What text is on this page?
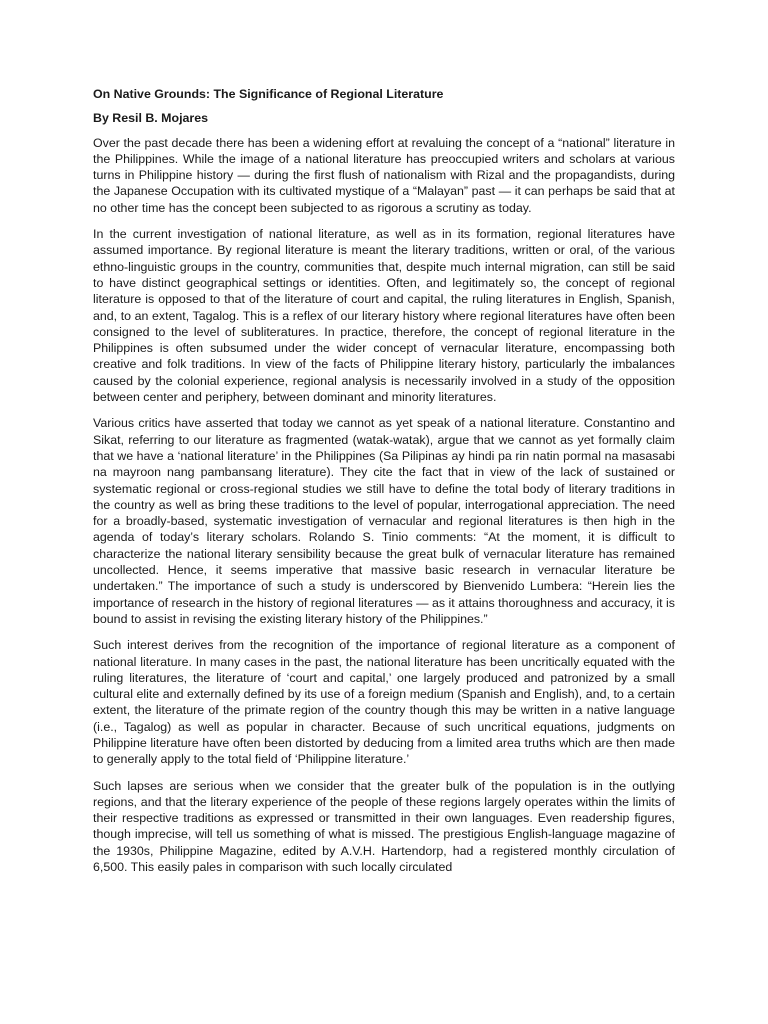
On Native Grounds: The Significance of Regional Literature
By Resil B. Mojares

Over the past decade there has been a widening effort at revaluing the concept of a “national” literature in the Philippines. While the image of a national literature has preoccupied writers and scholars at various turns in Philippine history — during the first flush of nationalism with Rizal and the propagandists, during the Japanese Occupation with its cultivated mystique of a “Malayan” past — it can perhaps be said that at no other time has the concept been subjected to as rigorous a scrutiny as today.

In the current investigation of national literature, as well as in its formation, regional literatures have assumed importance. By regional literature is meant the literary traditions, written or oral, of the various ethno-linguistic groups in the country, communities that, despite much internal migration, can still be said to have distinct geographical settings or identities. Often, and legitimately so, the concept of regional literature is opposed to that of the literature of court and capital, the ruling literatures in English, Spanish, and, to an extent, Tagalog. This is a reflex of our literary history where regional literatures have often been consigned to the level of subliteratures. In practice, therefore, the concept of regional literature in the Philippines is often subsumed under the wider concept of vernacular literature, encompassing both creative and folk traditions. In view of the facts of Philippine literary history, particularly the imbalances caused by the colonial experience, regional analysis is necessarily involved in a study of the opposition between center and periphery, between dominant and minority literatures.

Various critics have asserted that today we cannot as yet speak of a national literature. Constantino and Sikat, referring to our literature as fragmented (watak-watak), argue that we cannot as yet formally claim that we have a ‘national literature’ in the Philippines (Sa Pilipinas ay hindi pa rin natin pormal na masasabi na mayroon nang pambansang literature). They cite the fact that in view of the lack of sustained or systematic regional or cross-regional studies we still have to define the total body of literary traditions in the country as well as bring these traditions to the level of popular, interrogational appreciation. The need for a broadly-based, systematic investigation of vernacular and regional literatures is then high in the agenda of today’s literary scholars. Rolando S. Tinio comments: “At the moment, it is difficult to characterize the national literary sensibility because the great bulk of vernacular literature has remained uncollected. Hence, it seems imperative that massive basic research in vernacular literature be undertaken.” The importance of such a study is underscored by Bienvenido Lumbera: “Herein lies the importance of research in the history of regional literatures — as it attains thoroughness and accuracy, it is bound to assist in revising the existing literary history of the Philippines.”

Such interest derives from the recognition of the importance of regional literature as a component of national literature. In many cases in the past, the national literature has been uncritically equated with the ruling literatures, the literature of ‘court and capital,’ one largely produced and patronized by a small cultural elite and externally defined by its use of a foreign medium (Spanish and English), and, to a certain extent, the literature of the primate region of the country though this may be written in a native language (i.e., Tagalog) as well as popular in character. Because of such uncritical equations, judgments on Philippine literature have often been distorted by deducing from a limited area truths which are then made to generally apply to the total field of ‘Philippine literature.’

Such lapses are serious when we consider that the greater bulk of the population is in the outlying regions, and that the literary experience of the people of these regions largely operates within the limits of their respective traditions as expressed or transmitted in their own languages. Even readership figures, though imprecise, will tell us something of what is missed. The prestigious English-language magazine of the 1930s, Philippine Magazine, edited by A.V.H. Hartendorp, had a registered monthly circulation of 6,500. This easily pales in comparison with such locally circulated
